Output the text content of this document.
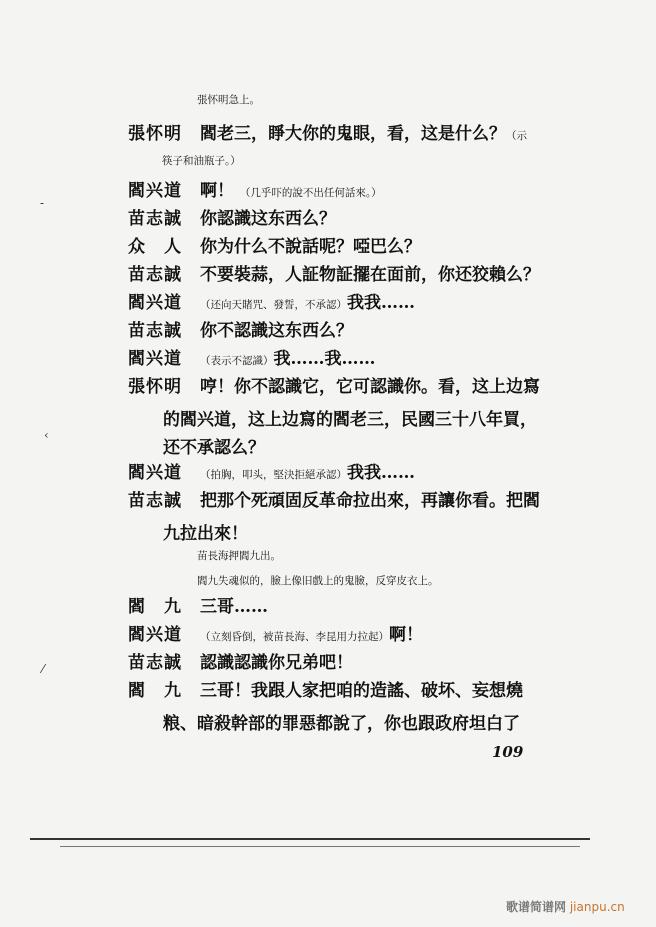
張怀明急上。
張怀明 閻老三，睜大你的鬼眼，看，这是什么？（示
筷子和油瓶子。）
閻兴道 啊！ （几乎吓的說不出任何話來。）
苗志誠 你認識这东西么？
众　人 你为什么不說話呢？啞巴么？
苗志誠 不要裝蒜，人証物証擺在面前，你还狡賴么？
閻兴道 （还向天賭咒、發誓，不承認）我我……
苗志誠 你不認識这东西么？
閻兴道 （表示不認識）我……我……
張怀明 哼！你不認識它，它可認識你。看，这上边寫
的閻兴道，这上边寫的閻老三，民國三十八年買，
还不承認么？
閻兴道 （拍胸，叩头，堅決拒絕承認）我我……
苗志誠 把那个死頑固反革命拉出來，再讓你看。把閻
九拉出來！
苗長海押閻九出。
閻九失魂似的，臉上像旧戲上的鬼臉，反穿皮衣上。
閻　九 三哥……
閻兴道 （立刻昏倒，被苗長海、李昆用力拉起）啊！
苗志誠 認識認識你兄弟吧！
閻　九 三哥！我跟人家把咱的造謠、破坏、妄想燒
粮、暗殺幹部的罪惡都說了，你也跟政府坦白了
109
‐
‹
⁄
歌谱简谱网 jianpu.cn
